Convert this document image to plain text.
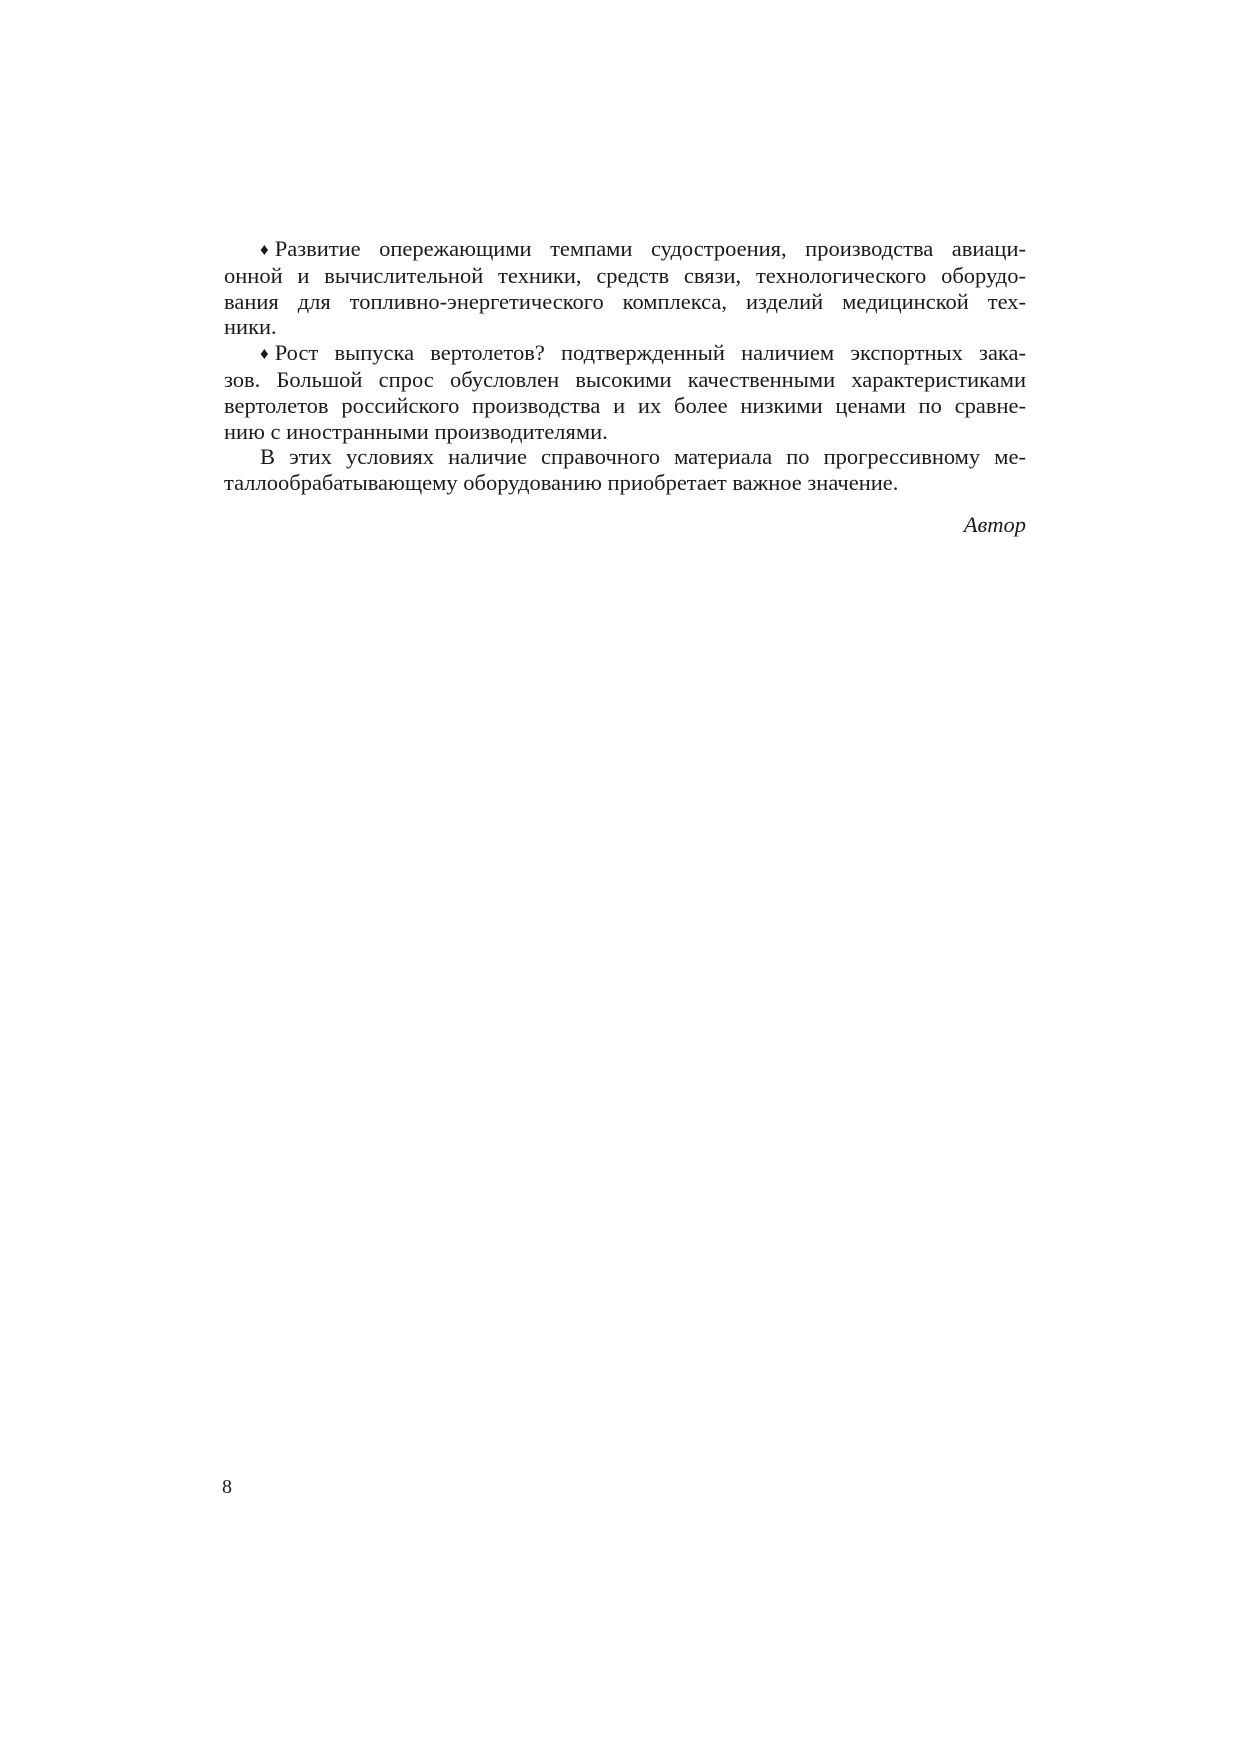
♦ Развитие опережающими темпами судостроения, производства авиаци-
онной и вычислительной техники, средств связи, технологического оборудо-
вания для топливно-энергетического комплекса, изделий медицинской тех-
ники.

♦ Рост выпуска вертолетов? подтвержденный наличием экспортных зака-
зов. Большой спрос обусловлен высокими качественными характеристиками
вертолетов российского производства и их более низкими ценами по сравне-
нию с иностранными производителями.

В этих условиях наличие справочного материала по прогрессивному ме-
таллообрабатывающему оборудованию приобретает важное значение.

Автор
8
